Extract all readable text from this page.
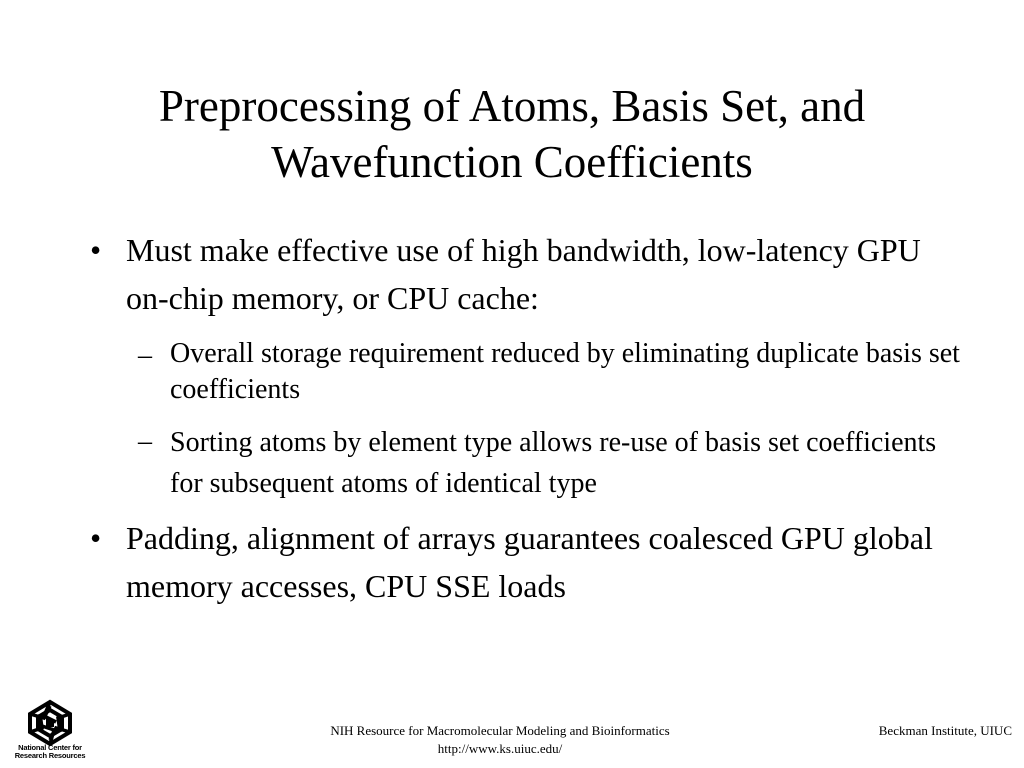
Preprocessing of Atoms, Basis Set, and
Wavefunction Coefficients
• Must make effective use of high bandwidth, low-latency GPU on-chip memory, or CPU cache:
– Overall storage requirement reduced by eliminating duplicate basis set coefficients
– Sorting atoms by element type allows re-use of basis set coefficients for subsequent atoms of identical type
• Padding, alignment of arrays guarantees coalesced GPU global memory accesses, CPU SSE loads
National Center for
Research Resources
NIH Resource for Macromolecular Modeling and Bioinformatics
http://www.ks.uiuc.edu/
Beckman Institute, UIUC
